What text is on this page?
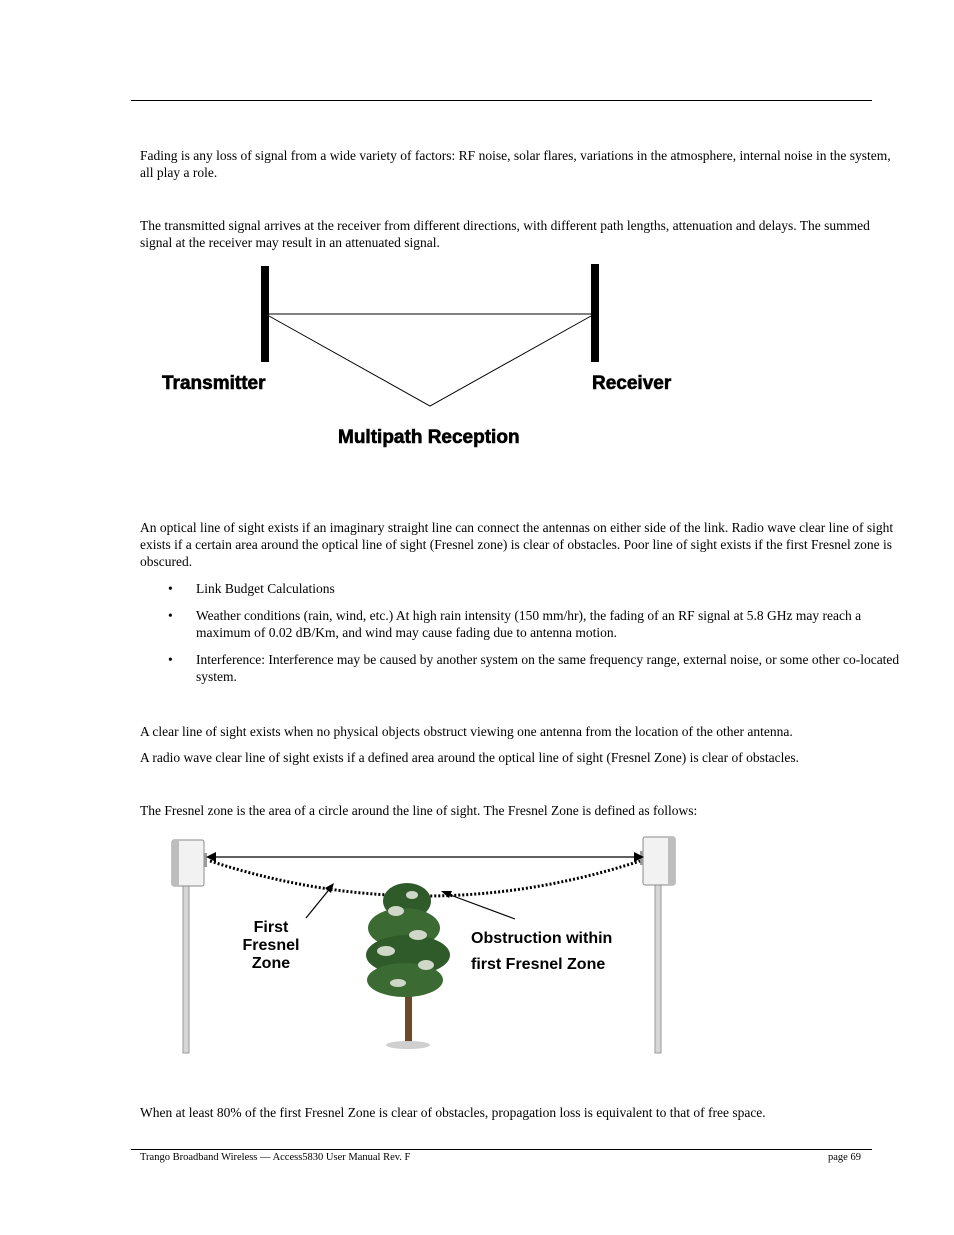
Fading is any loss of signal from a wide variety of factors: RF noise, solar flares, variations in the atmosphere, internal noise in the system, all play a role.

The transmitted signal arrives at the receiver from different directions, with different path lengths, attenuation and delays. The summed signal at the receiver may result in an attenuated signal.

Transmitter	Receiver
Multipath Reception

An optical line of sight exists if an imaginary straight line can connect the antennas on either side of the link. Radio wave clear line of sight exists if a certain area around the optical line of sight (Fresnel zone) is clear of obstacles. Poor line of sight exists if the first Fresnel zone is obscured.

• Link Budget Calculations
• Weather conditions (rain, wind, etc.) At high rain intensity (150 mm/hr), the fading of an RF signal at 5.8 GHz may reach a maximum of 0.02 dB/Km, and wind may cause fading due to antenna motion.
• Interference: Interference may be caused by another system on the same frequency range, external noise, or some other co-located system.

A clear line of sight exists when no physical objects obstruct viewing one antenna from the location of the other antenna.

A radio wave clear line of sight exists if a defined area around the optical line of sight (Fresnel Zone) is clear of obstacles.

The Fresnel zone is the area of a circle around the line of sight. The Fresnel Zone is defined as follows:

First
Fresnel
Zone
Obstruction within
first Fresnel Zone

When at least 80% of the first Fresnel Zone is clear of obstacles, propagation loss is equivalent to that of free space.

Trango Broadband Wireless — Access5830 User Manual Rev. F	page 69
